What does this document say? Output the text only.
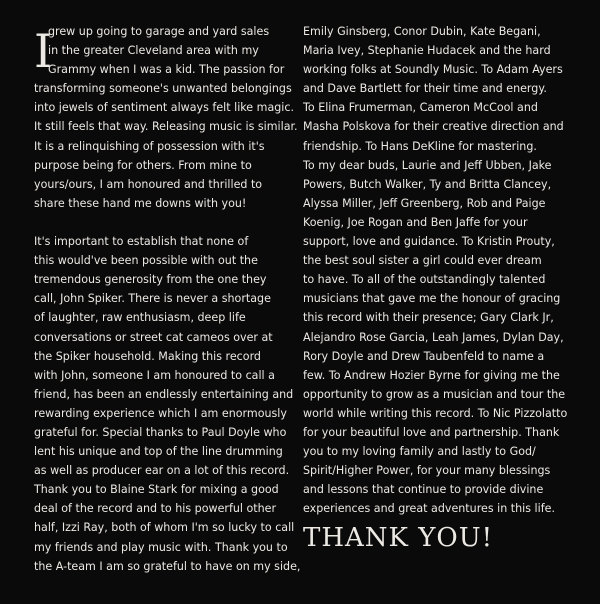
I
grew up going to garage and yard sales
in the greater Cleveland area with my
Grammy when I was a kid. The passion for
transforming someone's unwanted belongings
into jewels of sentiment always felt like magic.
It still feels that way. Releasing music is similar.
It is a relinquishing of possession with it's
purpose being for others. From mine to
yours/ours, I am honoured and thrilled to
share these hand me downs with you!
It's important to establish that none of
this would've been possible with out the
tremendous generosity from the one they
call, John Spiker. There is never a shortage
of laughter, raw enthusiasm, deep life
conversations or street cat cameos over at
the Spiker household. Making this record
with John, someone I am honoured to call a
friend, has been an endlessly entertaining and
rewarding experience which I am enormously
grateful for. Special thanks to Paul Doyle who
lent his unique and top of the line drumming
as well as producer ear on a lot of this record.
Thank you to Blaine Stark for mixing a good
deal of the record and to his powerful other
half, Izzi Ray, both of whom I'm so lucky to call
my friends and play music with. Thank you to
the A-team I am so grateful to have on my side,
Emily Ginsberg, Conor Dubin, Kate Begani,
Maria Ivey, Stephanie Hudacek and the hard
working folks at Soundly Music. To Adam Ayers
and Dave Bartlett for their time and energy.
To Elina Frumerman, Cameron McCool and
Masha Polskova for their creative direction and
friendship. To Hans DeKline for mastering.
To my dear buds, Laurie and Jeff Ubben, Jake
Powers, Butch Walker, Ty and Britta Clancey,
Alyssa Miller, Jeff Greenberg, Rob and Paige
Koenig, Joe Rogan and Ben Jaffe for your
support, love and guidance. To Kristin Prouty,
the best soul sister a girl could ever dream
to have. To all of the outstandingly talented
musicians that gave me the honour of gracing
this record with their presence; Gary Clark Jr,
Alejandro Rose Garcia, Leah James, Dylan Day,
Rory Doyle and Drew Taubenfeld to name a
few. To Andrew Hozier Byrne for giving me the
opportunity to grow as a musician and tour the
world while writing this record. To Nic Pizzolatto
for your beautiful love and partnership. Thank
you to my loving family and lastly to God/
Spirit/Higher Power, for your many blessings
and lessons that continue to provide divine
experiences and great adventures in this life.
THANK YOU!
